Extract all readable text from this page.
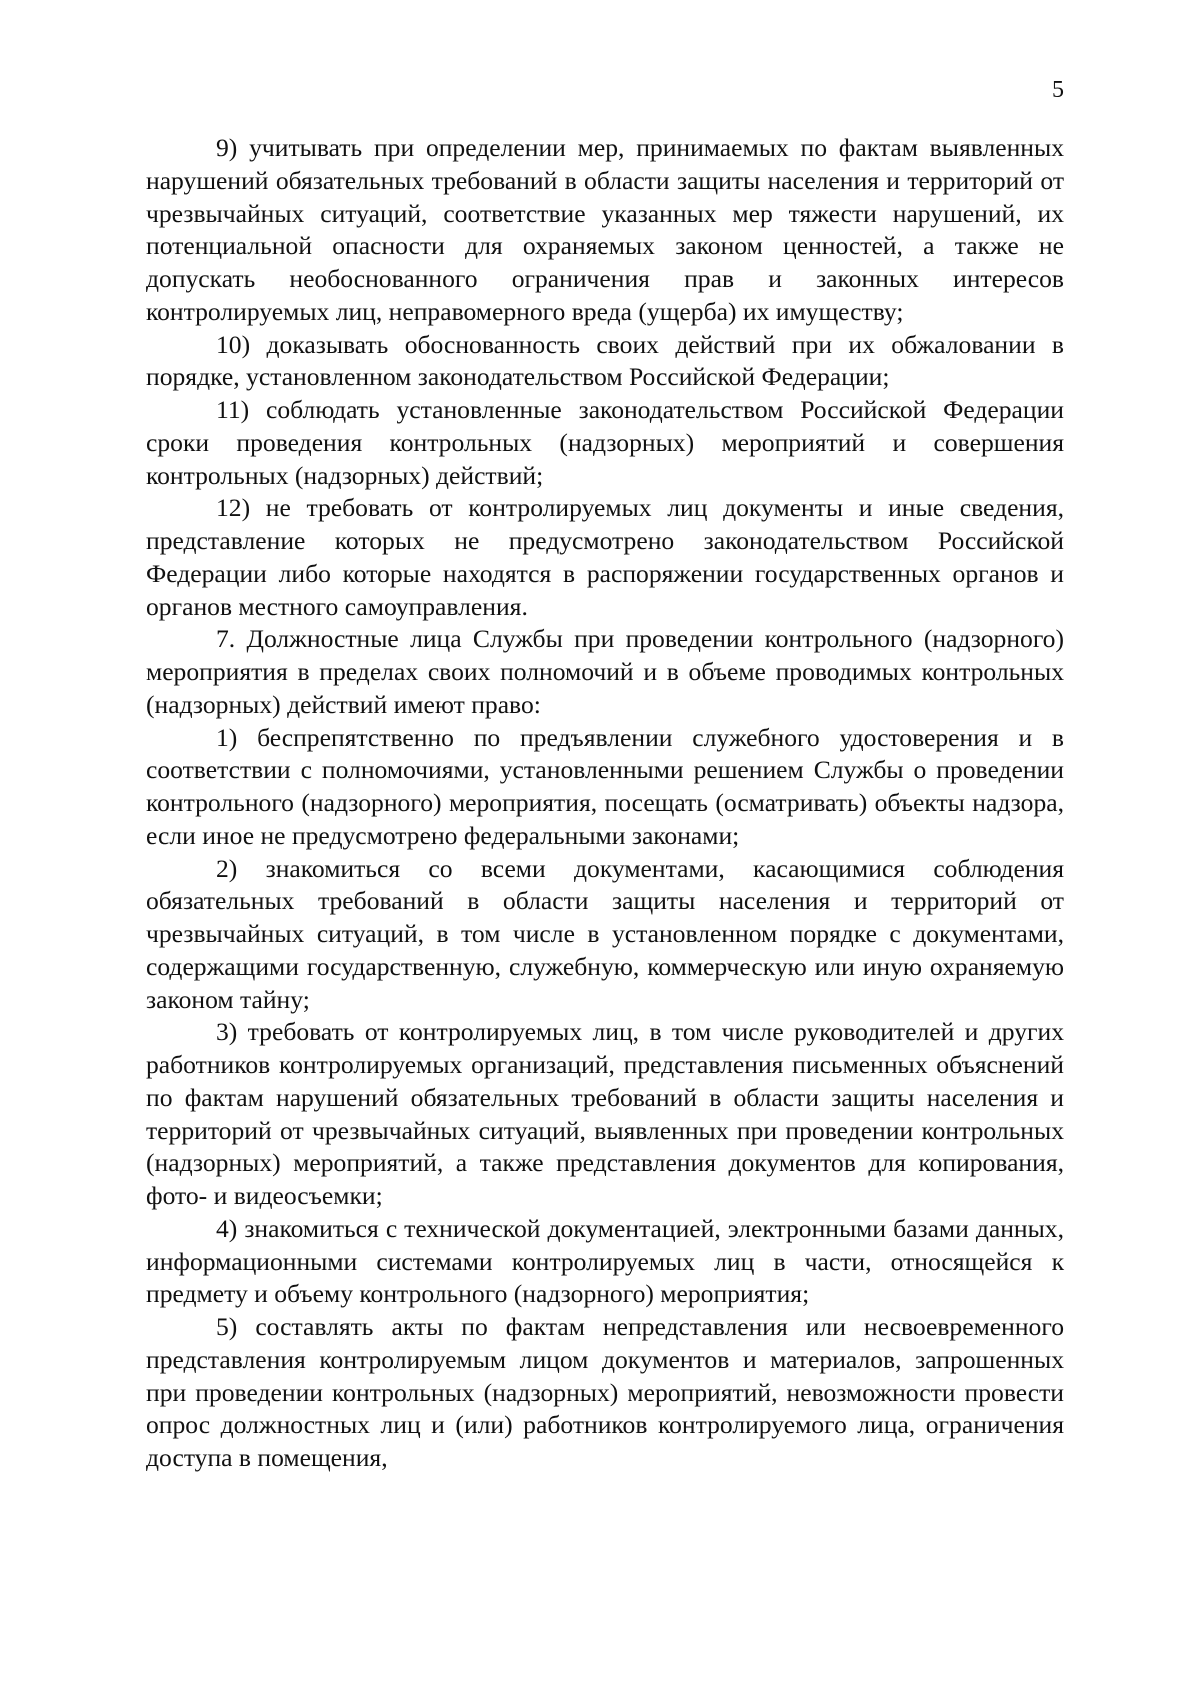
5

9) учитывать при определении мер, принимаемых по фактам выявленных нарушений обязательных требований в области защиты населения и территорий от чрезвычайных ситуаций, соответствие указанных мер тяжести нарушений, их потенциальной опасности для охраняемых законом ценностей, а также не допускать необоснованного ограничения прав и законных интересов контролируемых лиц, неправомерного вреда (ущерба) их имуществу;

10) доказывать обоснованность своих действий при их обжаловании в порядке, установленном законодательством Российской Федерации;

11) соблюдать установленные законодательством Российской Федерации сроки проведения контрольных (надзорных) мероприятий и совершения контрольных (надзорных) действий;

12) не требовать от контролируемых лиц документы и иные сведения, представление которых не предусмотрено законодательством Российской Федерации либо которые находятся в распоряжении государственных органов и органов местного самоуправления.

7. Должностные лица Службы при проведении контрольного (надзорного) мероприятия в пределах своих полномочий и в объеме проводимых контрольных (надзорных) действий имеют право:

1) беспрепятственно по предъявлении служебного удостоверения и в соответствии с полномочиями, установленными решением Службы о проведении контрольного (надзорного) мероприятия, посещать (осматривать) объекты надзора, если иное не предусмотрено федеральными законами;

2) знакомиться со всеми документами, касающимися соблюдения обязательных требований в области защиты населения и территорий от чрезвычайных ситуаций, в том числе в установленном порядке с документами, содержащими государственную, служебную, коммерческую или иную охраняемую законом тайну;

3) требовать от контролируемых лиц, в том числе руководителей и других работников контролируемых организаций, представления письменных объяснений по фактам нарушений обязательных требований в области защиты населения и территорий от чрезвычайных ситуаций, выявленных при проведении контрольных (надзорных) мероприятий, а также представления документов для копирования, фото- и видеосъемки;

4) знакомиться с технической документацией, электронными базами данных, информационными системами контролируемых лиц в части, относящейся к предмету и объему контрольного (надзорного) мероприятия;

5) составлять акты по фактам непредставления или несвоевременного представления контролируемым лицом документов и материалов, запрошенных при проведении контрольных (надзорных) мероприятий, невозможности провести опрос должностных лиц и (или) работников контролируемого лица, ограничения доступа в помещения,
